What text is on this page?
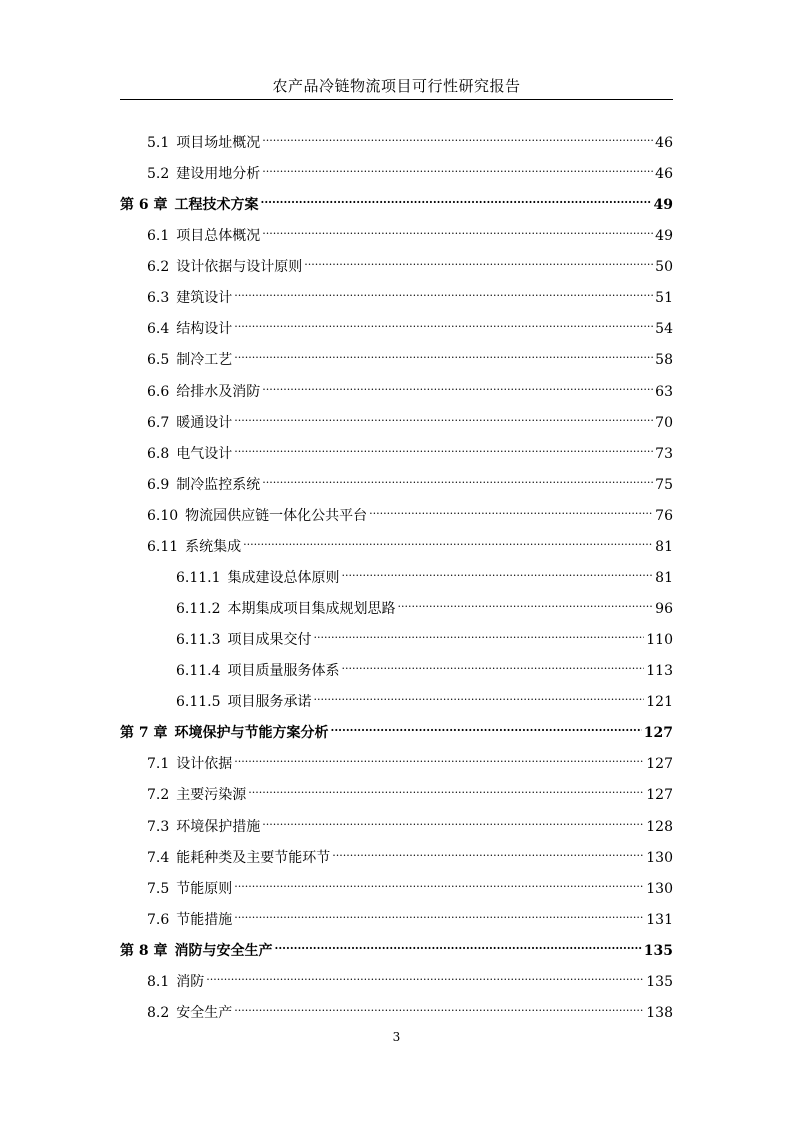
农产品冷链物流项目可行性研究报告
5.1 项目场址概况 .....	46
5.2 建设用地分析 .....	46
第 6 章 工程技术方案 .....	49
6.1 项目总体概况 .....	49
6.2 设计依据与设计原则 .....	50
6.3 建筑设计 .....	51
6.4 结构设计 .....	54
6.5 制冷工艺 .....	58
6.6 给排水及消防 .....	63
6.7 暖通设计 .....	70
6.8 电气设计 .....	73
6.9 制冷监控系统 .....	75
6.10 物流园供应链一体化公共平台 .....	76
6.11 系统集成 .....	81
6.11.1 集成建设总体原则 .....	81
6.11.2 本期集成项目集成规划思路 .....	96
6.11.3 项目成果交付 .....	110
6.11.4 项目质量服务体系 .....	113
6.11.5 项目服务承诺 .....	121
第 7 章 环境保护与节能方案分析 .....	127
7.1 设计依据 .....	127
7.2 主要污染源 .....	127
7.3 环境保护措施 .....	128
7.4 能耗种类及主要节能环节 .....	130
7.5 节能原则 .....	130
7.6 节能措施 .....	131
第 8 章 消防与安全生产 .....	135
8.1 消防 .....	135
8.2 安全生产 .....	138
3
